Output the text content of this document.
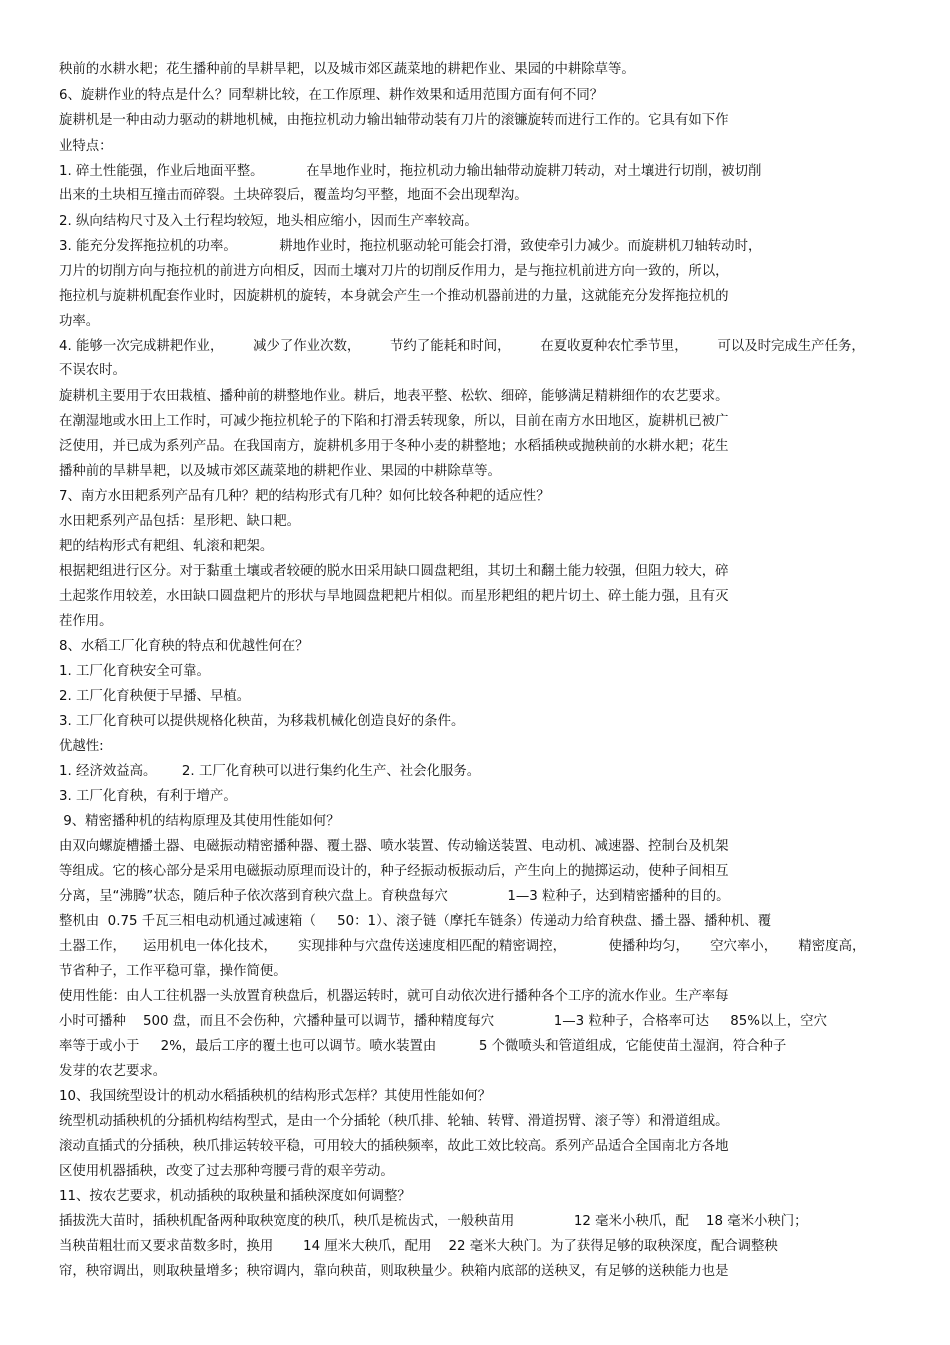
秧前的水耕水耙；花生播种前的旱耕旱耙，以及城市郊区蔬菜地的耕耙作业、果园的中耕除草等。
6、旋耕作业的特点是什么？同犁耕比较，在工作原理、耕作效果和适用范围方面有何不同？
旋耕机是一种由动力驱动的耕地机械，由拖拉机动力输出轴带动装有刀片的滚镰旋转而进行工作的。它具有如下作
业特点：
1. 碎土性能强，作业后地面平整。          在旱地作业时，拖拉机动力输出轴带动旋耕刀转动，对土壤进行切削，被切削
出来的土块相互撞击而碎裂。土块碎裂后，覆盖均匀平整，地面不会出现犁沟。
2. 纵向结构尺寸及入土行程均较短，地头相应缩小，因而生产率较高。
3. 能充分发挥拖拉机的功率。          耕地作业时，拖拉机驱动轮可能会打滑，致使牵引力减少。而旋耕机刀轴转动时，
刀片的切削方向与拖拉机的前进方向相反，因而土壤对刀片的切削反作用力，是与拖拉机前进方向一致的，所以，
拖拉机与旋耕机配套作业时，因旋耕机的旋转，本身就会产生一个推动机器前进的力量，这就能充分发挥拖拉机的
功率。
4. 能够一次完成耕耙作业，       减少了作业次数，       节约了能耗和时间，       在夏收夏种农忙季节里，       可以及时完成生产任务，
不误农时。
旋耕机主要用于农田栽植、播种前的耕整地作业。耕后，地表平整、松软、细碎，能够满足精耕细作的农艺要求。
在潮湿地或水田上工作时，可减少拖拉机轮子的下陷和打滑丢转现象，所以，目前在南方水田地区，旋耕机已被广
泛使用，并已成为系列产品。在我国南方，旋耕机多用于冬种小麦的耕整地；水稻插秧或抛秧前的水耕水耙；花生
播种前的旱耕旱耙，以及城市郊区蔬菜地的耕耙作业、果园的中耕除草等。
7、南方水田耙系列产品有几种？耙的结构形式有几种？如何比较各种耙的适应性？
水田耙系列产品包括：星形耙、缺口耙。
耙的结构形式有耙组、轧滚和耙架。
根据耙组进行区分。对于黏重土壤或者较硬的脱水田采用缺口圆盘耙组，其切土和翻土能力较强，但阻力较大，碎
土起浆作用较差，水田缺口圆盘耙片的形状与旱地圆盘耙耙片相似。而星形耙组的耙片切土、碎土能力强，且有灭
茬作用。
8、水稻工厂化育秧的特点和优越性何在？
1. 工厂化育秧安全可靠。
2. 工厂化育秧便于早播、早植。
3. 工厂化育秧可以提供规格化秧苗，为移栽机械化创造良好的条件。
优越性:
1. 经济效益高。      2. 工厂化育秧可以进行集约化生产、社会化服务。
3. 工厂化育秧，有利于增产。
9、精密播种机的结构原理及其使用性能如何？
由双向螺旋槽播土器、电磁振动精密播种器、覆土器、喷水装置、传动输送装置、电动机、减速器、控制台及机架
等组成。它的核心部分是采用电磁振动原理而设计的，种子经振动板振动后，产生向上的抛掷运动，使种子间相互
分离，呈“沸腾”状态，随后种子依次落到育秧穴盘上。育秧盘每穴              1—3 粒种子，达到精密播种的目的。
整机由  0.75 千瓦三相电动机通过减速箱（     50：1）、滚子链（摩托车链条）传递动力给育秧盘、播土器、播种机、覆
土器工作，    运用机电一体化技术，     实现排种与穴盘传送速度相匹配的精密调控，          使播种均匀，     空穴率小，     精密度高，
节省种子，工作平稳可靠，操作简便。
使用性能：由人工往机器一头放置育秧盘后，机器运转时，就可自动依次进行播种各个工序的流水作业。生产率每
小时可播种    500 盘，而且不会伤种，穴播种量可以调节，播种精度每穴              1—3 粒种子，合格率可达     85%以上，空穴
率等于或小于     2%，最后工序的覆土也可以调节。喷水装置由          5 个微喷头和管道组成，它能使苗土湿润，符合种子
发芽的农艺要求。
10、我国统型设计的机动水稻插秧机的结构形式怎样？其使用性能如何？
统型机动插秧机的分插机构结构型式，是由一个分插轮（秧爪排、轮轴、转臂、滑道拐臂、滚子等）和滑道组成。
滚动直插式的分插秧，秧爪排运转较平稳，可用较大的插秧频率，故此工效比较高。系列产品适合全国南北方各地
区使用机器插秧，改变了过去那种弯腰弓背的艰辛劳动。
11、按农艺要求，机动插秧的取秧量和插秧深度如何调整？
插拔洗大苗时，插秧机配备两种取秧宽度的秧爪，秧爪是梳齿式，一般秧苗用              12 毫米小秧爪，配    18 毫米小秧门；
当秧苗粗壮而又要求苗数多时，换用       14 厘米大秧爪，配用    22 毫米大秧门。为了获得足够的取秧深度，配合调整秧
帘，秧帘调出，则取秧量增多；秧帘调内，靠向秧苗，则取秧量少。秧箱内底部的送秧叉，有足够的送秧能力也是
